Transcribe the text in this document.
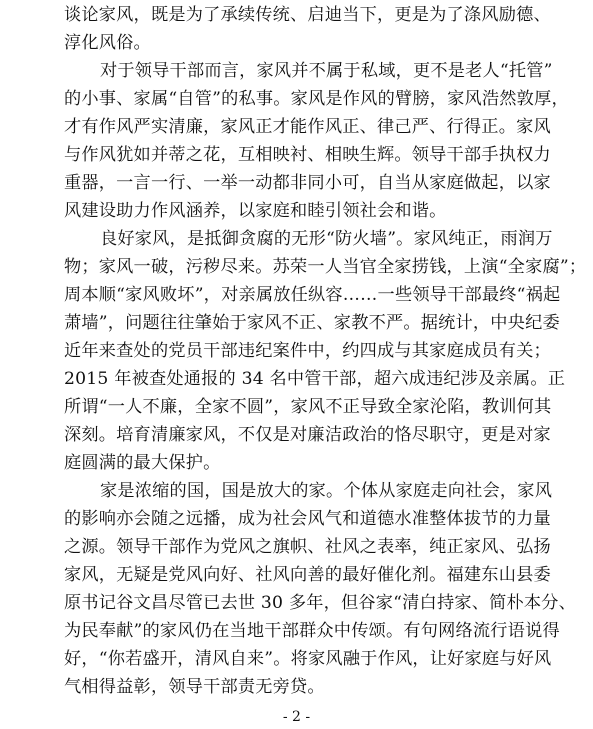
谈论家风，既是为了承续传统、启迪当下，更是为了涤风励德、
淳化风俗。
对于领导干部而言，家风并不属于私域，更不是老人“托管”
的小事、家属“自管”的私事。家风是作风的臂膀，家风浩然敦厚，
才有作风严实清廉，家风正才能作风正、律己严、行得正。家风
与作风犹如并蒂之花，互相映衬、相映生辉。领导干部手执权力
重器，一言一行、一举一动都非同小可，自当从家庭做起，以家
风建设助力作风涵养，以家庭和睦引领社会和谐。
良好家风，是抵御贪腐的无形“防火墙”。家风纯正，雨润万
物；家风一破，污秽尽来。苏荣一人当官全家捞钱，上演“全家腐”；
周本顺“家风败坏”，对亲属放任纵容……一些领导干部最终“祸起
萧墙”，问题往往肇始于家风不正、家教不严。据统计，中央纪委
近年来查处的党员干部违纪案件中，约四成与其家庭成员有关；
2015 年被查处通报的 34 名中管干部，超六成违纪涉及亲属。正
所谓“一人不廉，全家不圆”，家风不正导致全家沦陷，教训何其
深刻。培育清廉家风，不仅是对廉洁政治的恪尽职守，更是对家
庭圆满的最大保护。
家是浓缩的国，国是放大的家。个体从家庭走向社会，家风
的影响亦会随之远播，成为社会风气和道德水准整体拔节的力量
之源。领导干部作为党风之旗帜、社风之表率，纯正家风、弘扬
家风，无疑是党风向好、社风向善的最好催化剂。福建东山县委
原书记谷文昌尽管已去世 30 多年，但谷家“清白持家、简朴本分、
为民奉献”的家风仍在当地干部群众中传颂。有句网络流行语说得
好，“你若盛开，清风自来”。将家风融于作风，让好家庭与好风
气相得益彰，领导干部责无旁贷。
- 2 -
